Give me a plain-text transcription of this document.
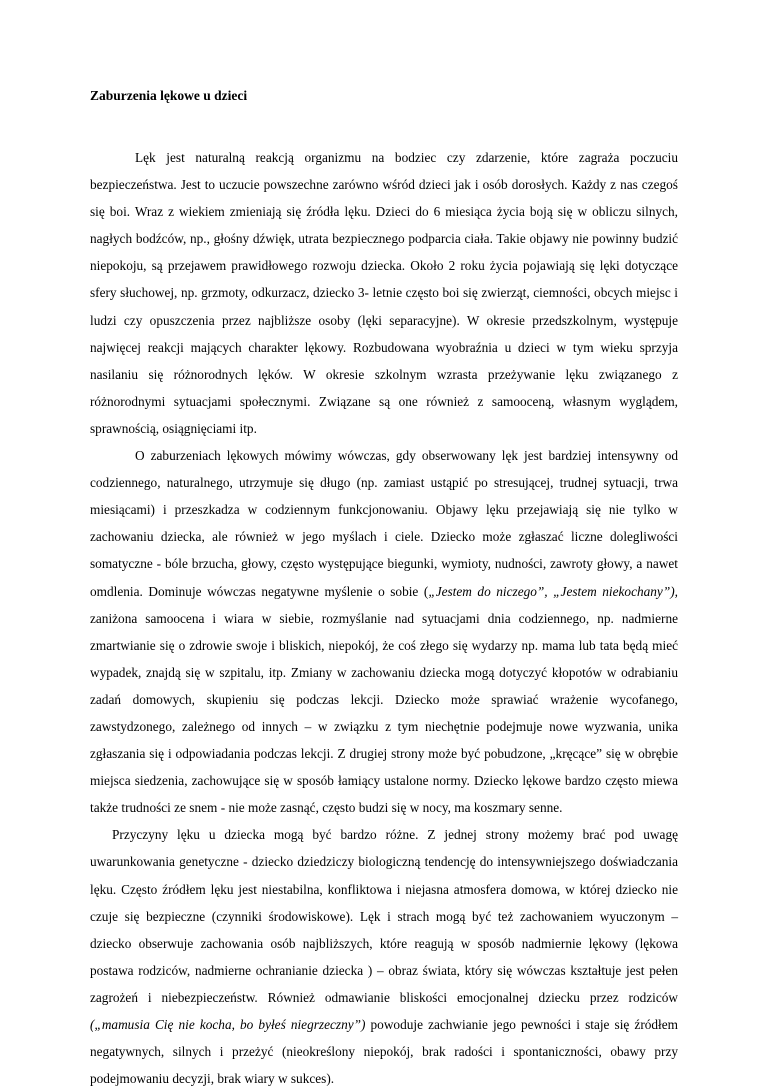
Zaburzenia lękowe u dzieci

Lęk jest naturalną reakcją organizmu na bodziec czy zdarzenie, które zagraża poczuciu bezpieczeństwa. Jest to uczucie powszechne zarówno wśród dzieci jak i osób dorosłych. Każdy z nas czegoś się boi. Wraz z wiekiem zmieniają się źródła lęku. Dzieci do 6 miesiąca życia boją się w obliczu silnych, nagłych bodźców, np., głośny dźwięk, utrata bezpiecznego podparcia ciała. Takie objawy nie powinny budzić niepokoju, są przejawem prawidłowego rozwoju dziecka. Około 2 roku życia pojawiają się lęki dotyczące sfery słuchowej, np. grzmoty, odkurzacz, dziecko 3- letnie często boi się zwierząt, ciemności, obcych miejsc i ludzi czy opuszczenia przez najbliższe osoby (lęki separacyjne). W okresie przedszkolnym, występuje najwięcej reakcji mających charakter lękowy. Rozbudowana wyobraźnia u dzieci w tym wieku sprzyja nasilaniu się różnorodnych lęków. W okresie szkolnym wzrasta przeżywanie lęku związanego z różnorodnymi sytuacjami społecznymi. Związane są one również z samooceną, własnym wyglądem, sprawnością, osiągnięciami itp.

O zaburzeniach lękowych mówimy wówczas, gdy obserwowany lęk jest bardziej intensywny od codziennego, naturalnego, utrzymuje się długo (np. zamiast ustąpić po stresującej, trudnej sytuacji, trwa miesiącami) i przeszkadza w codziennym funkcjonowaniu. Objawy lęku przejawiają się nie tylko w zachowaniu dziecka, ale również w jego myślach i ciele. Dziecko może zgłaszać liczne dolegliwości somatyczne - bóle brzucha, głowy, często występujące biegunki, wymioty, nudności, zawroty głowy, a nawet omdlenia. Dominuje wówczas negatywne myślenie o sobie („Jestem do niczego”, „Jestem niekochany”), zaniżona samoocena i wiara w siebie, rozmyślanie nad sytuacjami dnia codziennego, np. nadmierne zmartwianie się o zdrowie swoje i bliskich, niepokój, że coś złego się wydarzy np. mama lub tata będą mieć wypadek, znajdą się w szpitalu, itp. Zmiany w zachowaniu dziecka mogą dotyczyć kłopotów w odrabianiu zadań domowych, skupieniu się podczas lekcji. Dziecko może sprawiać wrażenie wycofanego, zawstydzonego, zależnego od innych – w związku z tym niechętnie podejmuje nowe wyzwania, unika zgłaszania się i odpowiadania podczas lekcji. Z drugiej strony może być pobudzone, „kręcące” się w obrębie miejsca siedzenia, zachowujące się w sposób łamiący ustalone normy. Dziecko lękowe bardzo często miewa także trudności ze snem - nie może zasnąć, często budzi się w nocy, ma koszmary senne.

Przyczyny lęku u dziecka mogą być bardzo różne. Z jednej strony możemy brać pod uwagę uwarunkowania genetyczne - dziecko dziedziczy biologiczną tendencję do intensywniejszego doświadczania lęku. Często źródłem lęku jest niestabilna, konfliktowa i niejasna atmosfera domowa, w której dziecko nie czuje się bezpieczne (czynniki środowiskowe). Lęk i strach mogą być też zachowaniem wyuczonym – dziecko obserwuje zachowania osób najbliższych, które reagują w sposób nadmiernie lękowy (lękowa postawa rodziców, nadmierne ochranianie dziecka ) – obraz świata, który się wówczas kształtuje jest pełen zagrożeń i niebezpieczeństw. Również odmawianie bliskości emocjonalnej dziecku przez rodziców („mamusia Cię nie kocha, bo byłeś niegrzeczny”) powoduje zachwianie jego pewności i staje się źródłem negatywnych, silnych i przeżyć (nieokreślony niepokój, brak radości i spontaniczności, obawy przy podejmowaniu decyzji, brak wiary w sukces).
